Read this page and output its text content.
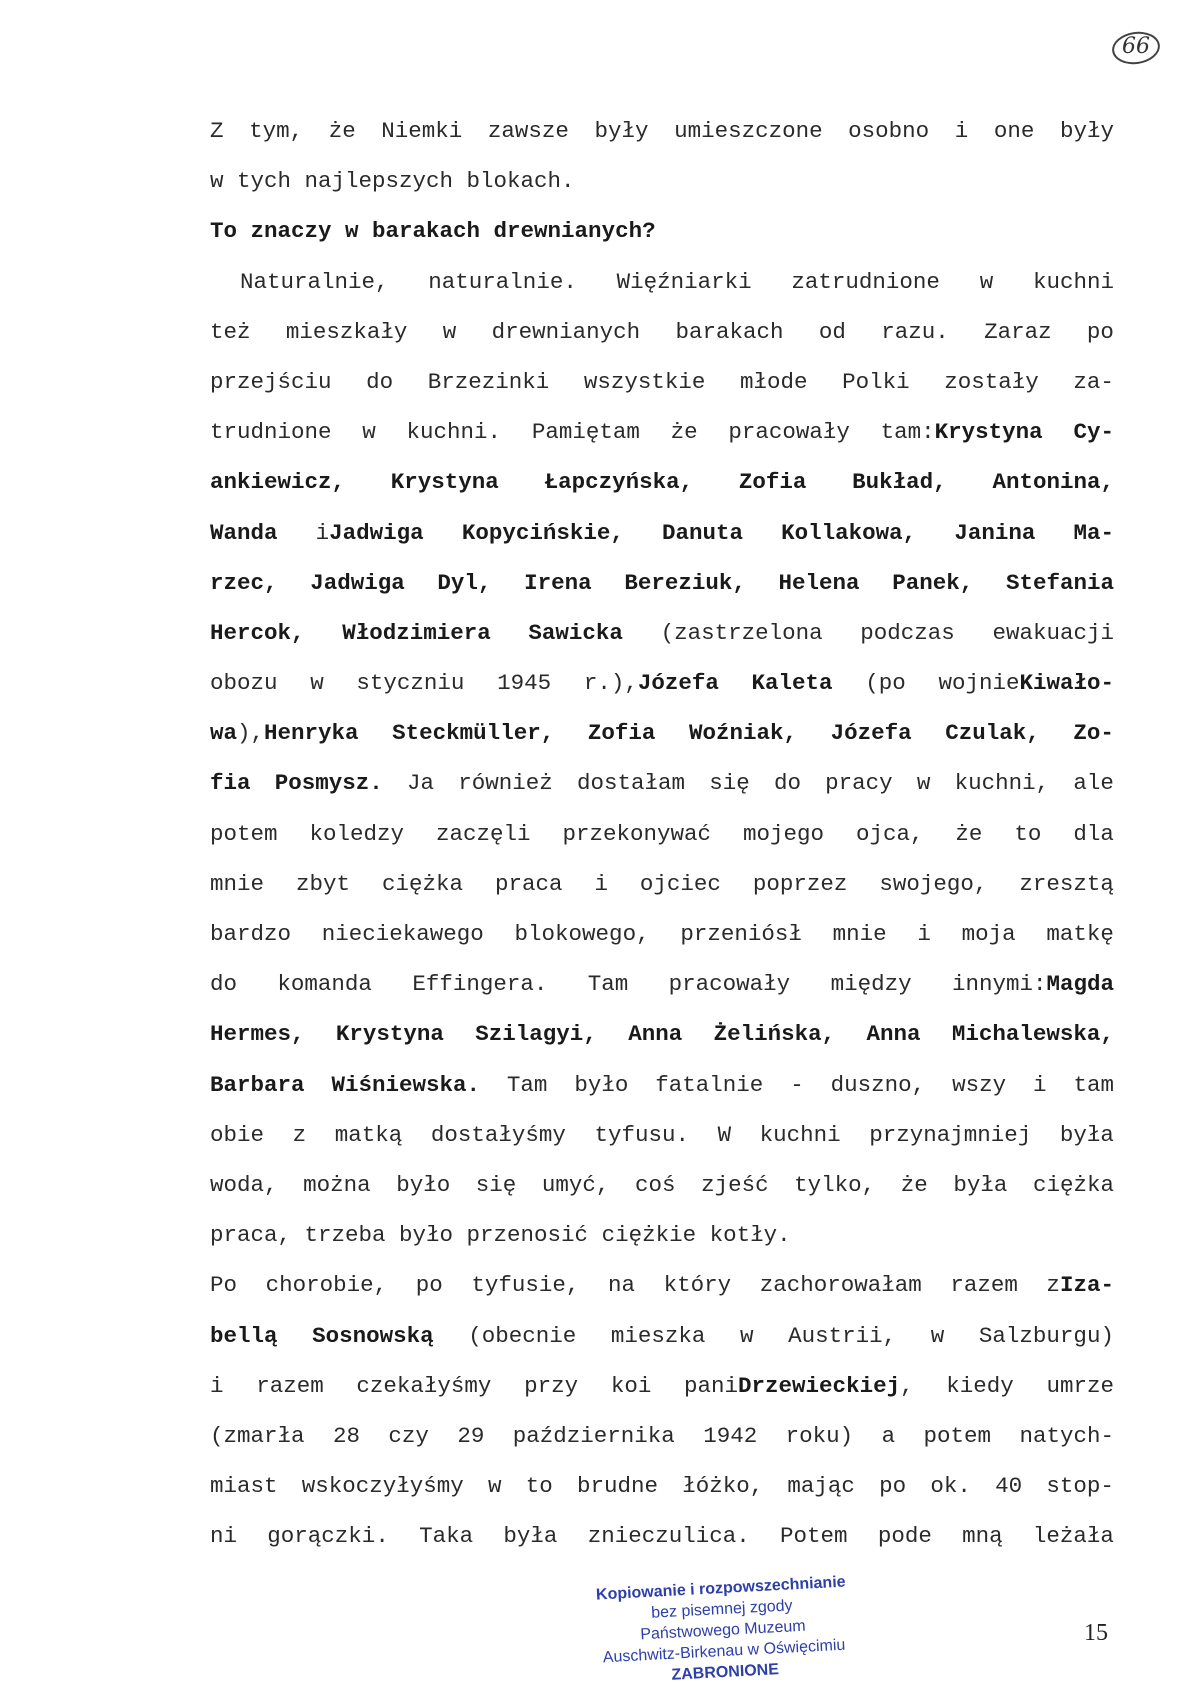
66
Z tym, że Niemki zawsze były umieszczone osobno i one były
w tych najlepszych blokach.
To znaczy w barakach drewnianych?
Naturalnie, naturalnie. Więźniarki zatrudnione w kuchni
też mieszkały w drewnianych barakach od razu. Zaraz po
przejściu do Brzezinki wszystkie młode Polki zostały za-
trudnione w kuchni. Pamiętam że pracowały tam:Krystyna Cy-
ankiewicz, Krystyna Łapczyńska, Zofia Bukład, Antonina,
Wanda iJadwiga Kopycińskie, Danuta Kollakowa, Janina Ma-
rzec, Jadwiga Dyl, Irena Bereziuk, Helena Panek, Stefania
Hercok, Włodzimiera Sawicka (zastrzelona podczas ewakuacji
obozu w styczniu 1945 r.),Józefa Kaleta (po wojnieKiwało-
wa),Henryka Steckmüller, Zofia Woźniak, Józefa Czulak, Zo-
fia Posmysz. Ja również dostałam się do pracy w kuchni, ale
potem koledzy zaczęli przekonywać mojego ojca, że to dla
mnie zbyt ciężka praca i ojciec poprzez swojego, zresztą
bardzo nieciekawego blokowego, przeniósł mnie i moja matkę
do komanda Effingera. Tam pracowały między innymi:Magda
Hermes, Krystyna Szilagyi, Anna Żelińska, Anna Michalewska,
Barbara Wiśniewska. Tam było fatalnie - duszno, wszy i tam
obie z matką dostałyśmy tyfusu. W kuchni przynajmniej była
woda, można było się umyć, coś zjeść tylko, że była ciężka
praca, trzeba było przenosić ciężkie kotły.
Po chorobie, po tyfusie, na który zachorowałam razem zIza-
bellą Sosnowską (obecnie mieszka w Austrii, w Salzburgu)
i razem czekałyśmy przy koi paniDrzewieckiej, kiedy umrze
(zmarła 28 czy 29 października 1942 roku) a potem natych-
miast wskoczyłyśmy w to brudne łóżko, mając po ok. 40 stop-
ni gorączki. Taka była znieczulica. Potem pode mną leżała
15
Kopiowanie i rozpowszechnianie
bez pisemnej zgody
Państwowego Muzeum
Auschwitz-Birkenau w Oświęcimiu
ZABRONIONE
